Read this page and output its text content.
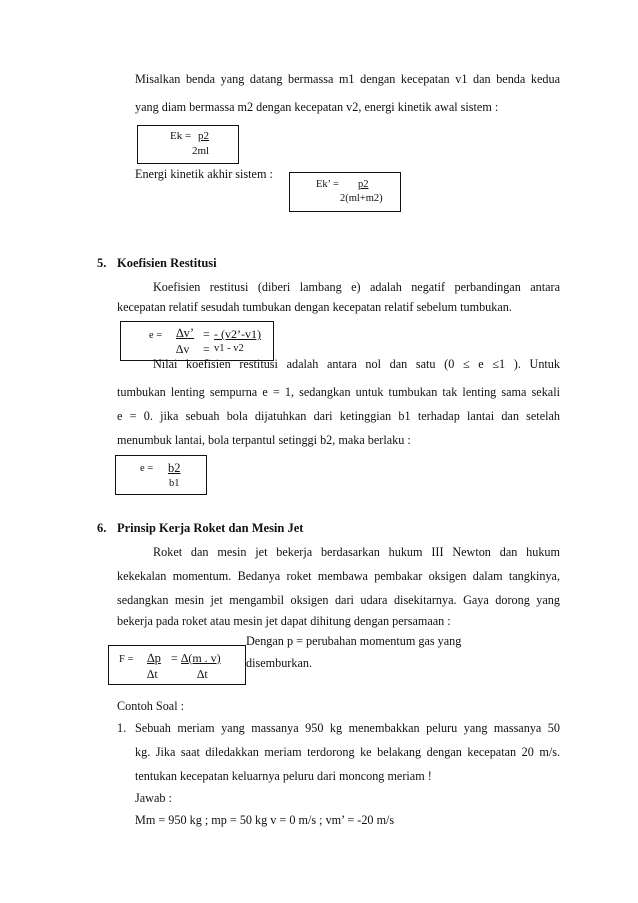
Misalkan benda yang datang bermassa m1 dengan kecepatan v1 dan benda kedua
yang diam bermassa m2 dengan kecepatan v2, energi kinetik awal sistem :
Ek = p2
2ml
Energi kinetik akhir sistem :
Ek’ = p2
2(ml+m2)
5. Koefisien Restitusi
Koefisien restitusi (diberi lambang e) adalah negatif perbandingan antara
kecepatan relatif sesudah tumbukan dengan kecepatan relatif sebelum tumbukan.
e = ∆v’ = - (v2’-v1)
∆v = v1 - v2
Nilai koefisien restitusi adalah antara nol dan satu (0 ≤ e ≤1 ). Untuk
tumbukan lenting sempurna e = 1, sedangkan untuk tumbukan tak lenting sama sekali
e = 0. jika sebuah bola dijatuhkan dari ketinggian b1 terhadap lantai dan setelah
menumbuk lantai, bola terpantul setinggi b2, maka berlaku :
e = b2
b1
6. Prinsip Kerja Roket dan Mesin Jet
Roket dan mesin jet bekerja berdasarkan hukum III Newton dan hukum
kekekalan momentum. Bedanya roket membawa pembakar oksigen dalam tangkinya,
sedangkan mesin jet mengambil oksigen dari udara disekitarnya. Gaya dorong yang
bekerja pada roket atau mesin jet dapat dihitung dengan persamaan :
Dengan p = perubahan momentum gas yang
disemburkan.
F = ∆p = ∆(m . v)
∆t	∆t
Contoh Soal :
1. Sebuah meriam yang massanya 950 kg menembakkan peluru yang massanya 50
kg. Jika saat diledakkan meriam terdorong ke belakang dengan kecepatan 20 m/s.
tentukan kecepatan keluarnya peluru dari moncong meriam !
Jawab :
Mm = 950 kg ; mp = 50 kg v = 0 m/s ; vm’ = -20 m/s
